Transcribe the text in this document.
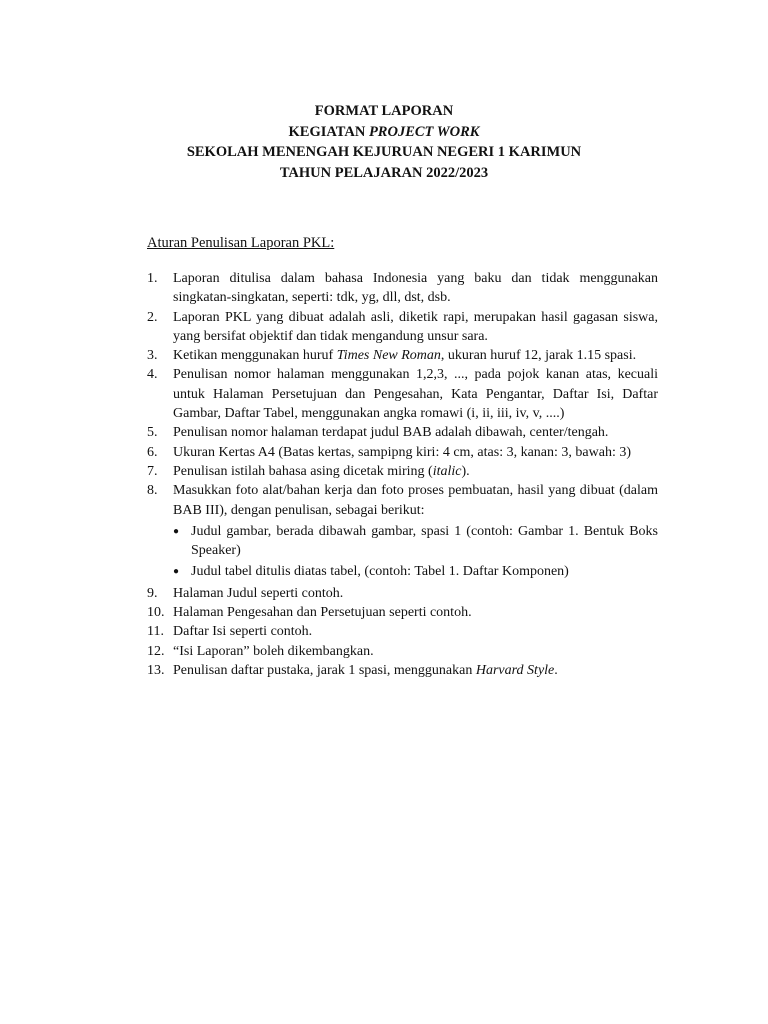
FORMAT LAPORAN
KEGIATAN PROJECT WORK
SEKOLAH MENENGAH KEJURUAN NEGERI 1 KARIMUN
TAHUN PELAJARAN 2022/2023
Aturan Penulisan Laporan PKL:
1.	Laporan ditulisa dalam bahasa Indonesia yang baku dan tidak menggunakan singkatan-singkatan, seperti: tdk, yg, dll, dst, dsb.
2.	Laporan PKL yang dibuat adalah asli, diketik rapi, merupakan hasil gagasan siswa, yang bersifat objektif dan tidak mengandung unsur sara.
3.	Ketikan menggunakan huruf Times New Roman, ukuran huruf 12, jarak 1.15 spasi.
4.	Penulisan nomor halaman menggunakan 1,2,3, ..., pada pojok kanan atas, kecuali untuk Halaman Persetujuan dan Pengesahan, Kata Pengantar, Daftar Isi, Daftar Gambar, Daftar Tabel, menggunakan angka romawi (i, ii, iii, iv, v, ....)
5.	Penulisan nomor halaman terdapat judul BAB adalah dibawah, center/tengah.
6.	Ukuran Kertas A4 (Batas kertas, sampipng kiri: 4 cm, atas: 3, kanan: 3, bawah: 3)
7.	Penulisan istilah bahasa asing dicetak miring (italic).
8.	Masukkan foto alat/bahan kerja dan foto proses pembuatan, hasil yang dibuat (dalam BAB III), dengan penulisan, sebagai berikut:
● Judul gambar, berada dibawah gambar, spasi 1 (contoh: Gambar 1. Bentuk Boks Speaker)
● Judul tabel ditulis diatas tabel, (contoh: Tabel 1. Daftar Komponen)
9.	Halaman Judul seperti contoh.
10. Halaman Pengesahan dan Persetujuan seperti contoh.
11. Daftar Isi seperti contoh.
12. “Isi Laporan” boleh dikembangkan.
13. Penulisan daftar pustaka, jarak 1 spasi, menggunakan Harvard Style.
